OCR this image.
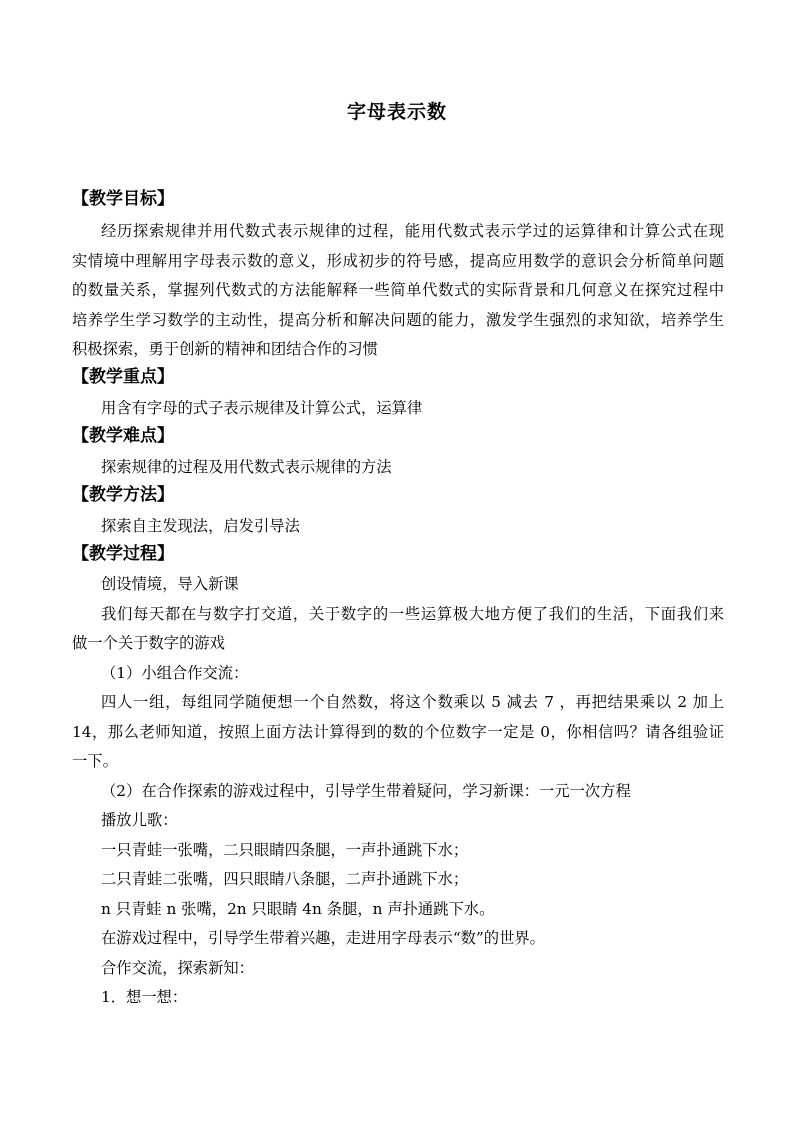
字母表示数
【教学目标】
经历探索规律并用代数式表示规律的过程，能用代数式表示学过的运算律和计算公式在现
实情境中理解用字母表示数的意义，形成初步的符号感，提高应用数学的意识会分析简单问题
的数量关系，掌握列代数式的方法能解释一些简单代数式的实际背景和几何意义在探究过程中
培养学生学习数学的主动性，提高分析和解决问题的能力，激发学生强烈的求知欲，培养学生
积极探索，勇于创新的精神和团结合作的习惯
【教学重点】
用含有字母的式子表示规律及计算公式，运算律
【教学难点】
探索规律的过程及用代数式表示规律的方法
【教学方法】
探索自主发现法，启发引导法
【教学过程】
创设情境，导入新课
我们每天都在与数字打交道，关于数字的一些运算极大地方便了我们的生活，下面我们来
做一个关于数字的游戏
（1）小组合作交流：
四人一组，每组同学随便想一个自然数，将这个数乘以 5 减去 7 ，再把结果乘以 2 加上
14，那么老师知道，按照上面方法计算得到的数的个位数字一定是 0，你相信吗？请各组验证
一下。
（2）在合作探索的游戏过程中，引导学生带着疑问，学习新课：一元一次方程
播放儿歌：
一只青蛙一张嘴，二只眼睛四条腿，一声扑通跳下水；
二只青蛙二张嘴，四只眼睛八条腿，二声扑通跳下水；
n 只青蛙 n 张嘴，2n 只眼睛 4n 条腿，n 声扑通跳下水。
在游戏过程中，引导学生带着兴趣，走进用字母表示“数”的世界。
合作交流，探索新知：
1．想一想：
